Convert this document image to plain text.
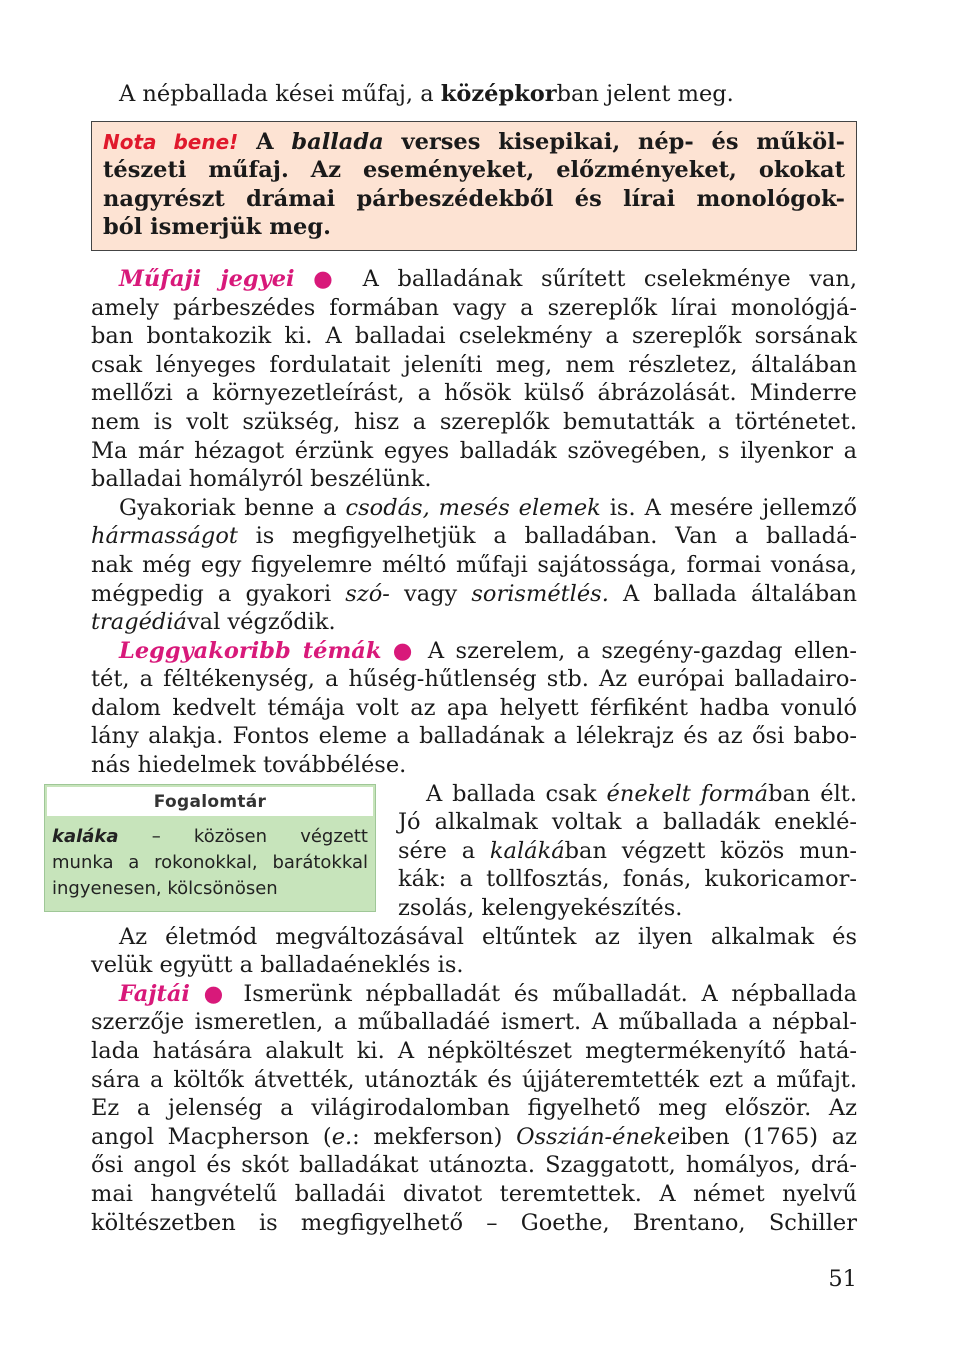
A népballada kései műfaj, a középkorban jelent meg.
Nota bene! A ballada verses kisepikai, nép- és műköl-
tészeti műfaj. Az eseményeket, előzményeket, okokat
nagyrészt drámai párbeszédekből és lírai monológok-
ból ismerjük meg.
Műfaji jegyei ● A balladának sűrített cselekménye van,
amely párbeszédes formában vagy a szereplők lírai monológjá-
ban bontakozik ki. A balladai cselekmény a szereplők sorsának
csak lényeges fordulatait jeleníti meg, nem részletez, általában
mellőzi a környezetleírást, a hősök külső ábrázolását. Minderre
nem is volt szükség, hisz a szereplők bemutatták a történetet.
Ma már hézagot érzünk egyes balladák szövegében, s ilyenkor a
balladai homályról beszélünk.
Gyakoriak benne a csodás, mesés elemek is. A mesére jellemző
hármasságot is megfigyelhetjük a balladában. Van a balladá-
nak még egy figyelemre méltó műfaji sajátossága, formai vonása,
mégpedig a gyakori szó- vagy sorismétlés. A ballada általában
tragédiával végződik.
Leggyakoribb témák ● A szerelem, a szegény-gazdag ellen-
tét, a féltékenység, a hűség-hűtlenség stb. Az európai balladairo-
dalom kedvelt témája volt az apa helyett férfiként hadba vonuló
lány alakja. Fontos eleme a balladának a lélekrajz és az ősi babo-
nás hiedelmek továbbélése.
Fogalomtár
kaláka – közösen végzett
munka a rokonokkal, barátokkal
ingyenesen, kölcsönösen
A ballada csak énekelt formában élt.
Jó alkalmak voltak a balladák eneklé-
sére a kalákában végzett közös mun-
kák: a tollfosztás, fonás, kukoricamor-
zsolás, kelengyekészítés.
Az életmód megváltozásával eltűntek az ilyen alkalmak és
velük együtt a balladaéneklés is.
Fajtái ● Ismerünk népballadát és műballadát. A népballada
szerzője ismeretlen, a műballadáé ismert. A műballada a népbal-
lada hatására alakult ki. A népköltészet megtermékenyítő hatá-
sára a költők átvették, utánozták és újjáteremtették ezt a műfajt.
Ez a jelenség a világirodalomban figyelhető meg először. Az
angol Macpherson (e.: mekferson) Osszián-énekeiben (1765) az
ősi angol és skót balladákat utánozta. Szaggatott, homályos, drá-
mai hangvételű balladái divatot teremtettek. A német nyelvű
költészetben is megfigyelhető – Goethe, Brentano, Schiller
51
